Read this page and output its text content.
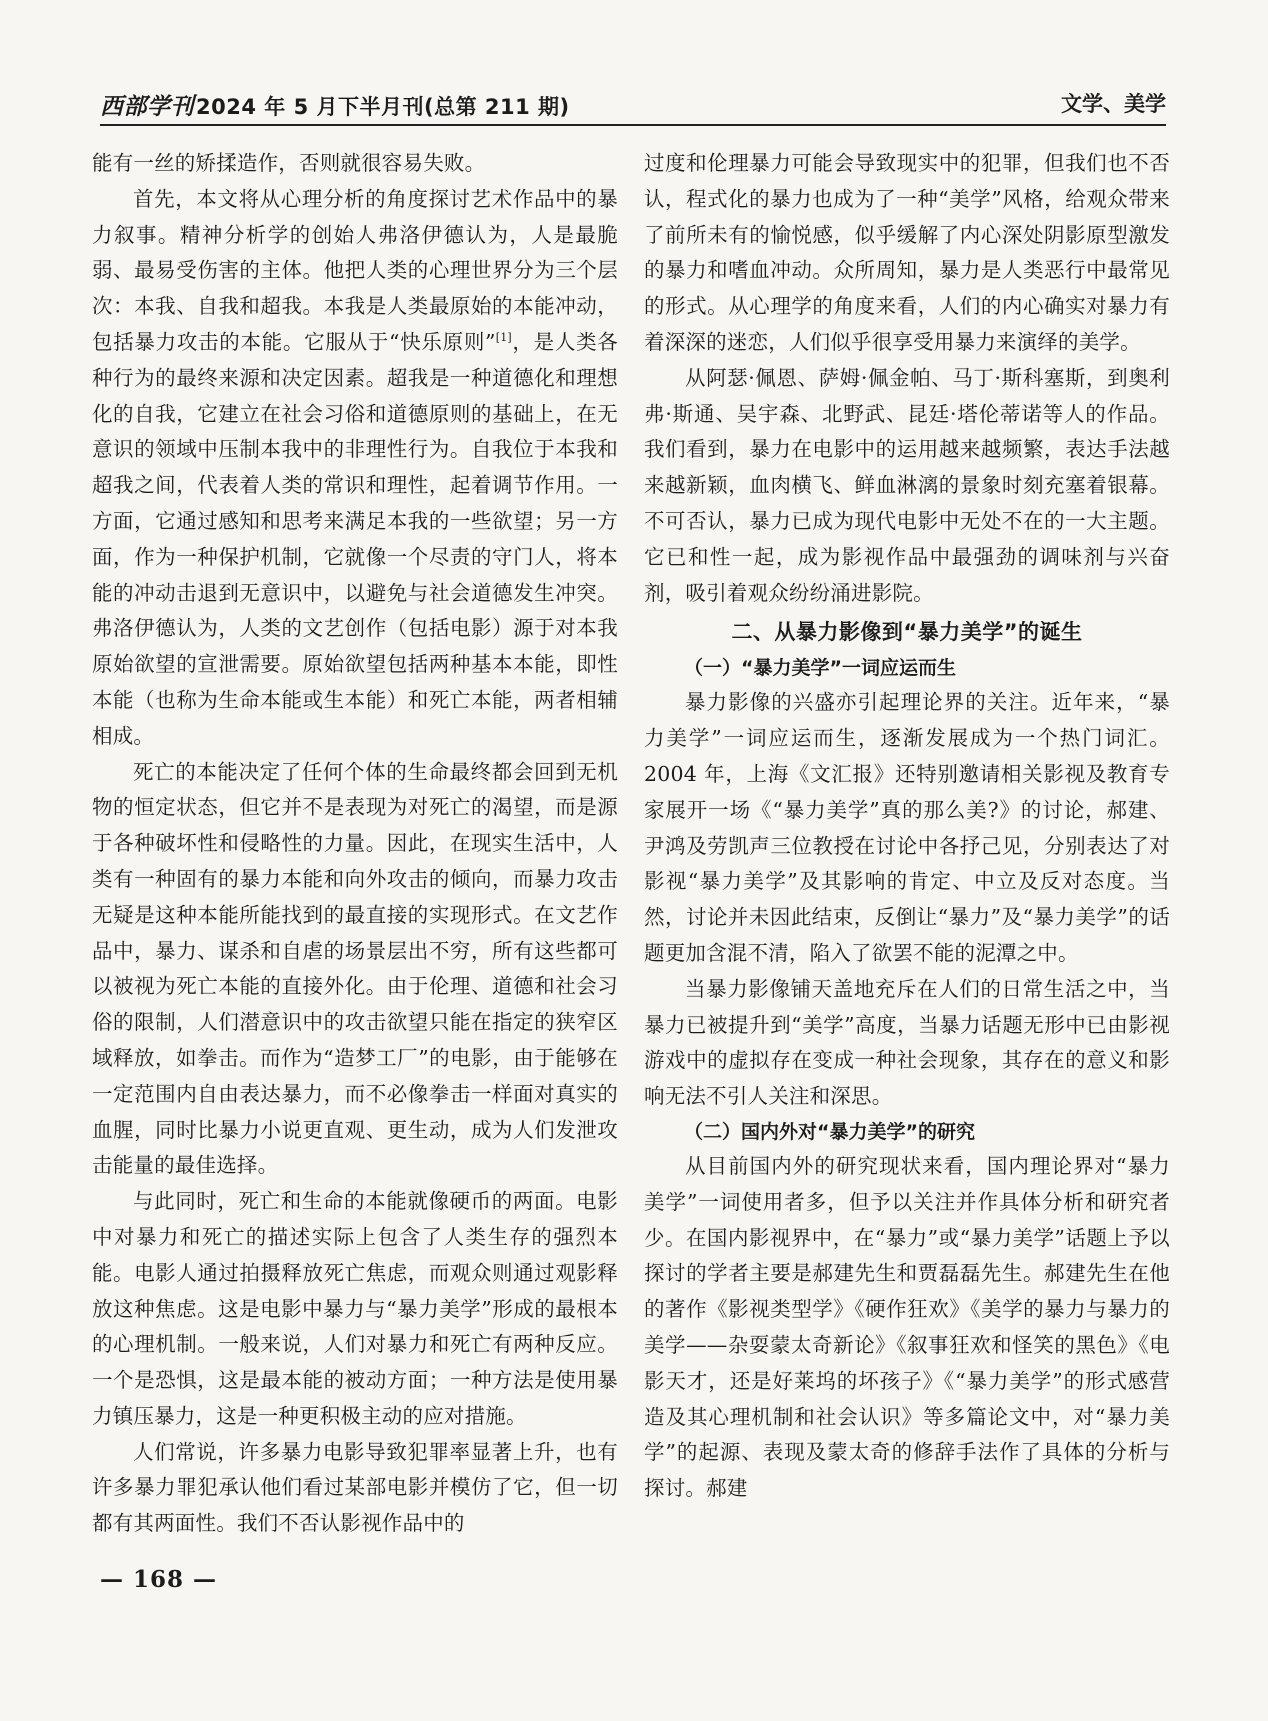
西部学刊2024 年 5 月下半月刊(总第 211 期)	文学、美学

能有一丝的矫揉造作，否则就很容易失败。

首先，本文将从心理分析的角度探讨艺术作品中的暴力叙事。精神分析学的创始人弗洛伊德认为，人是最脆弱、最易受伤害的主体。他把人类的心理世界分为三个层次：本我、自我和超我。本我是人类最原始的本能冲动，包括暴力攻击的本能。它服从于“快乐原则”[1]，是人类各种行为的最终来源和决定因素。超我是一种道德化和理想化的自我，它建立在社会习俗和道德原则的基础上，在无意识的领域中压制本我中的非理性行为。自我位于本我和超我之间，代表着人类的常识和理性，起着调节作用。一方面，它通过感知和思考来满足本我的一些欲望；另一方面，作为一种保护机制，它就像一个尽责的守门人，将本能的冲动击退到无意识中，以避免与社会道德发生冲突。弗洛伊德认为，人类的文艺创作（包括电影）源于对本我原始欲望的宣泄需要。原始欲望包括两种基本本能，即性本能（也称为生命本能或生本能）和死亡本能，两者相辅相成。

死亡的本能决定了任何个体的生命最终都会回到无机物的恒定状态，但它并不是表现为对死亡的渴望，而是源于各种破坏性和侵略性的力量。因此，在现实生活中，人类有一种固有的暴力本能和向外攻击的倾向，而暴力攻击无疑是这种本能所能找到的最直接的实现形式。在文艺作品中，暴力、谋杀和自虐的场景层出不穷，所有这些都可以被视为死亡本能的直接外化。由于伦理、道德和社会习俗的限制，人们潜意识中的攻击欲望只能在指定的狭窄区域释放，如拳击。而作为“造梦工厂”的电影，由于能够在一定范围内自由表达暴力，而不必像拳击一样面对真实的血腥，同时比暴力小说更直观、更生动，成为人们发泄攻击能量的最佳选择。

与此同时，死亡和生命的本能就像硬币的两面。电影中对暴力和死亡的描述实际上包含了人类生存的强烈本能。电影人通过拍摄释放死亡焦虑，而观众则通过观影释放这种焦虑。这是电影中暴力与“暴力美学”形成的最根本的心理机制。一般来说，人们对暴力和死亡有两种反应。一个是恐惧，这是最本能的被动方面；一种方法是使用暴力镇压暴力，这是一种更积极主动的应对措施。

人们常说，许多暴力电影导致犯罪率显著上升，也有许多暴力罪犯承认他们看过某部电影并模仿了它，但一切都有其两面性。我们不否认影视作品中的

过度和伦理暴力可能会导致现实中的犯罪，但我们也不否认，程式化的暴力也成为了一种“美学”风格，给观众带来了前所未有的愉悦感，似乎缓解了内心深处阴影原型激发的暴力和嗜血冲动。众所周知，暴力是人类恶行中最常见的形式。从心理学的角度来看，人们的内心确实对暴力有着深深的迷恋，人们似乎很享受用暴力来演绎的美学。

从阿瑟·佩恩、萨姆·佩金帕、马丁·斯科塞斯，到奥利弗·斯通、吴宇森、北野武、昆廷·塔伦蒂诺等人的作品。我们看到，暴力在电影中的运用越来越频繁，表达手法越来越新颖，血肉横飞、鲜血淋漓的景象时刻充塞着银幕。不可否认，暴力已成为现代电影中无处不在的一大主题。它已和性一起，成为影视作品中最强劲的调味剂与兴奋剂，吸引着观众纷纷涌进影院。

二、从暴力影像到“暴力美学”的诞生
（一）“暴力美学”一词应运而生

暴力影像的兴盛亦引起理论界的关注。近年来，“暴力美学”一词应运而生，逐渐发展成为一个热门词汇。2004 年，上海《文汇报》还特别邀请相关影视及教育专家展开一场《“暴力美学”真的那么美?》的讨论，郝建、尹鸿及劳凯声三位教授在讨论中各抒己见，分别表达了对影视“暴力美学”及其影响的肯定、中立及反对态度。当然，讨论并未因此结束，反倒让“暴力”及“暴力美学”的话题更加含混不清，陷入了欲罢不能的泥潭之中。

当暴力影像铺天盖地充斥在人们的日常生活之中，当暴力已被提升到“美学”高度，当暴力话题无形中已由影视游戏中的虚拟存在变成一种社会现象，其存在的意义和影响无法不引人关注和深思。

（二）国内外对“暴力美学”的研究

从目前国内外的研究现状来看，国内理论界对“暴力美学”一词使用者多，但予以关注并作具体分析和研究者少。在国内影视界中，在“暴力”或“暴力美学”话题上予以探讨的学者主要是郝建先生和贾磊磊先生。郝建先生在他的著作《影视类型学》《硬作狂欢》《美学的暴力与暴力的美学——杂耍蒙太奇新论》《叙事狂欢和怪笑的黑色》《电影天才，还是好莱坞的坏孩子》《“暴力美学”的形式感营造及其心理机制和社会认识》等多篇论文中，对“暴力美学”的起源、表现及蒙太奇的修辞手法作了具体的分析与探讨。郝建

— 168 —
